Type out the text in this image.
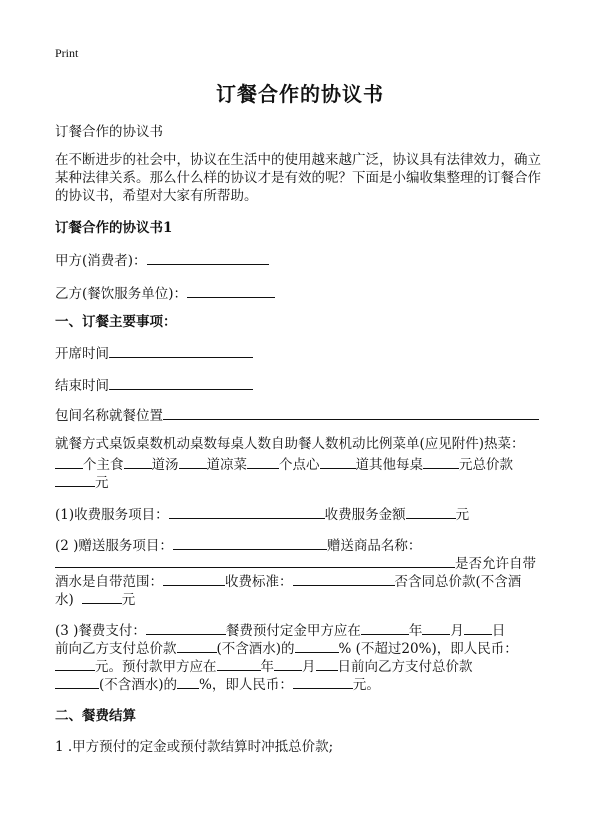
Print
订餐合作的协议书
订餐合作的协议书
在不断进步的社会中，协议在生活中的使用越来越广泛，协议具有法律效力，确立
某种法律关系。那么什么样的协议才是有效的呢？下面是小编收集整理的订餐合作
的协议书，希望对大家有所帮助。
订餐合作的协议书1
甲方(消费者)：
乙方(餐饮服务单位)：
一、订餐主要事项：
开席时间
结束时间
包间名称就餐位置
就餐方式桌饭桌数机动桌数每桌人数自助餐人数机动比例菜单(应见附件)热菜：
个主食 道汤 道凉菜 个点心	道其他每桌	元总价款
元
(1)收费服务项目：	收费服务金额	元
(2 )赠送服务项目：	赠送商品名称：
是否允许自带
酒水是自带范围：	收费标准：	否含同总价款(不含酒
水)	元
(3 )餐费支付：	餐费预付定金甲方应在	年 月 日
前向乙方支付总价款	(不含酒水)的	% (不超过20%)，即人民币：
元。预付款甲方应在	年 月 日前向乙方支付总价款
(不含酒水)的 %，即人民币：	元。
二、餐费结算
1 .甲方预付的定金或预付款结算时冲抵总价款;
